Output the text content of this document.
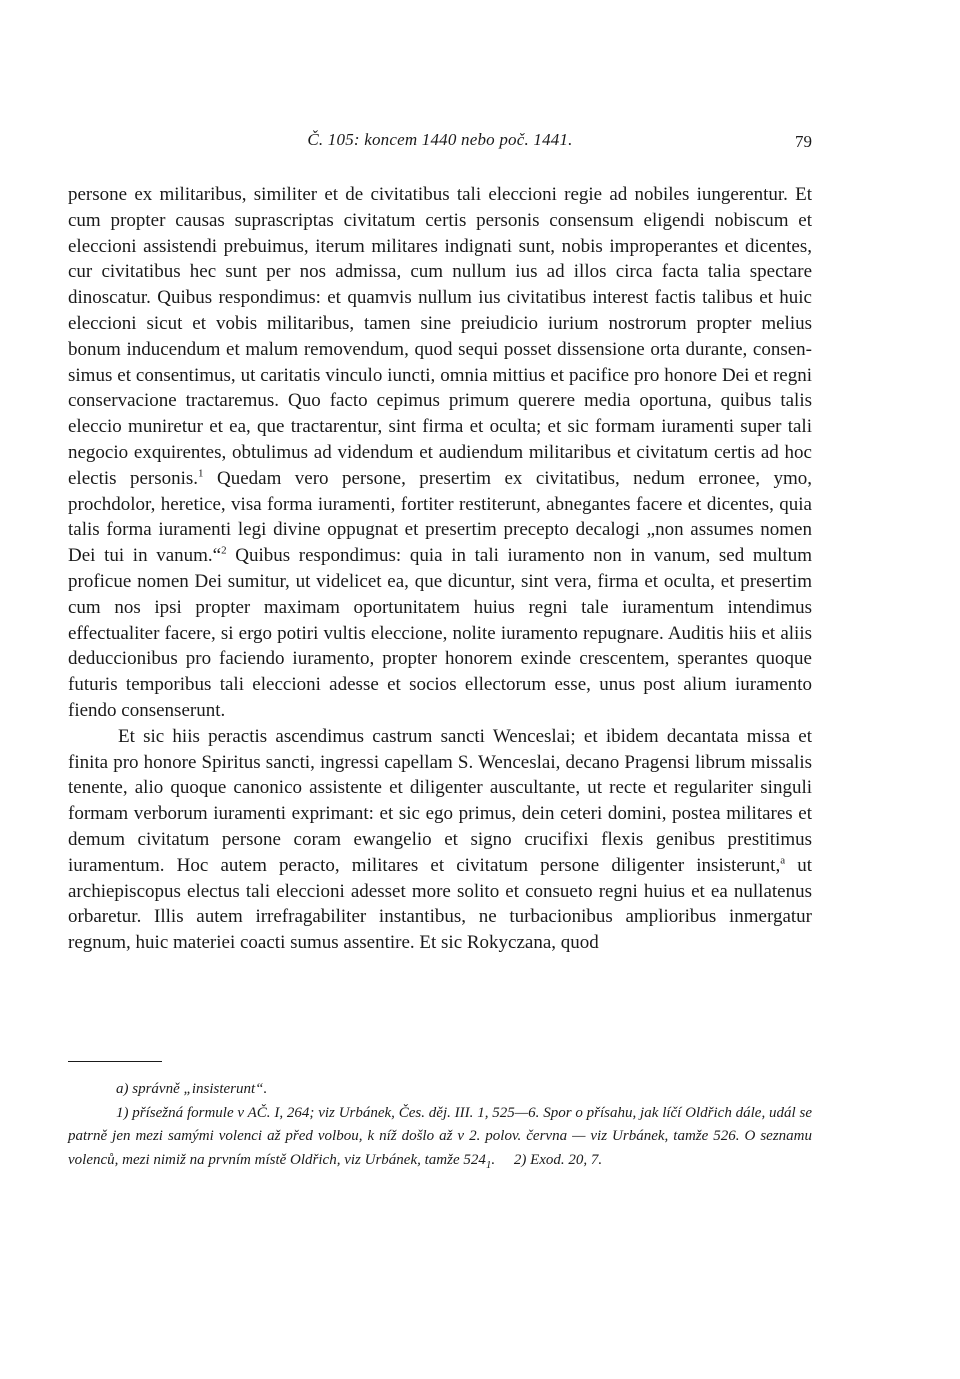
Č. 105: koncem 1440 nebo poč. 1441.	79

persone ex militaribus, similiter et de civitatibus tali eleccioni regie ad nobiles iungerentur. Et cum propter causas suprascriptas civitatum certis personis consensum eligendi nobiscum et eleccioni assistendi prebuimus, iterum militares indignati sunt, nobis improperantes et dicentes, cur civitatibus hec sunt per nos admissa, cum nullum ius ad illos circa facta talia spectare dinoscatur. Quibus respondimus: et quamvis nullum ius civitatibus interest factis talibus et huic eleccioni sicut et vobis militaribus, tamen sine preiudicio iurium nostrorum propter melius bonum inducendum et malum removendum, quod sequi posset dissensione orta durante, consensimus et consentimus, ut caritatis vinculo iuncti, omnia mittius et pacifice pro honore Dei et regni conservacione tractaremus. Quo facto cepimus primum querere media oportuna, quibus talis eleccio muniretur et ea, que tractarentur, sint firma et oculta; et sic formam iuramenti super tali negocio exquirentes, obtulimus ad videndum et audiendum militaribus et civitatum certis ad hoc electis personis.$^1$ Quedam vero persone, presertim ex civitatibus, nedum erronee, ymo, prochdolor, heretice, visa forma iuramenti, fortiter restiterunt, abnegantes facere et dicentes, quia talis forma iuramenti legi divine oppugnat et presertim precepto decalogi „non assumes nomen Dei tui in vanum.“$^2$ Quibus respondimus: quia in tali iuramento non in vanum, sed multum proficue nomen Dei sumitur, ut videlicet ea, que dicuntur, sint vera, firma et oculta, et presertim cum nos ipsi propter maximam oportunitatem huius regni tale iuramentum intendimus effectualiter facere, si ergo potiri vultis eleccione, nolite iuramento repugnare. Auditis hiis et aliis deduccionibus pro faciendo iuramento, propter honorem exinde crescentem, sperantes quoque futuris temporibus tali eleccioni adesse et socios ellectorum esse, unus post alium iuramento fiendo consenserunt.

Et sic hiis peractis ascendimus castrum sancti Wenceslai; et ibidem decantata missa et finita pro honore Spiritus sancti, ingressi capellam S. Wenceslai, decano Pragensi librum missalis tenente, alio quoque canonico assistente et diligenter auscultante, ut recte et regulariter singuli formam verborum iuramenti exprimant: et sic ego primus, dein ceteri domini, postea militares et demum civitatum persone coram ewangelio et signo crucifixi flexis genibus prestitimus iuramentum. Hoc autem peracto, militares et civitatum persone diligenter insisterunt,$^a$ ut archiepiscopus electus tali eleccioni adesset more solito et consueto regni huius et ea nullatenus orbaretur. Illis autem irrefragabiliter instantibus, ne turbacionibus amplioribus inmergatur regnum, huic materiei coacti sumus assentire. Et sic Rokyczana, quod

a) správně „insisterunt“.

1) přísežná formule v AČ. I, 264; viz Urbánek, Čes. děj. III. 1, 525—6. Spor o přísahu, jak líčí Oldřich dále, udál se patrně jen mezi samými volenci až před volbou, k níž došlo až v 2. polov. června — viz Urbánek, tamže 526. O seznamu volenců, mezi nimiž na prvním místě Oldřich, viz Urbánek, tamže $524_1$. 2) Exod. 20, 7.
